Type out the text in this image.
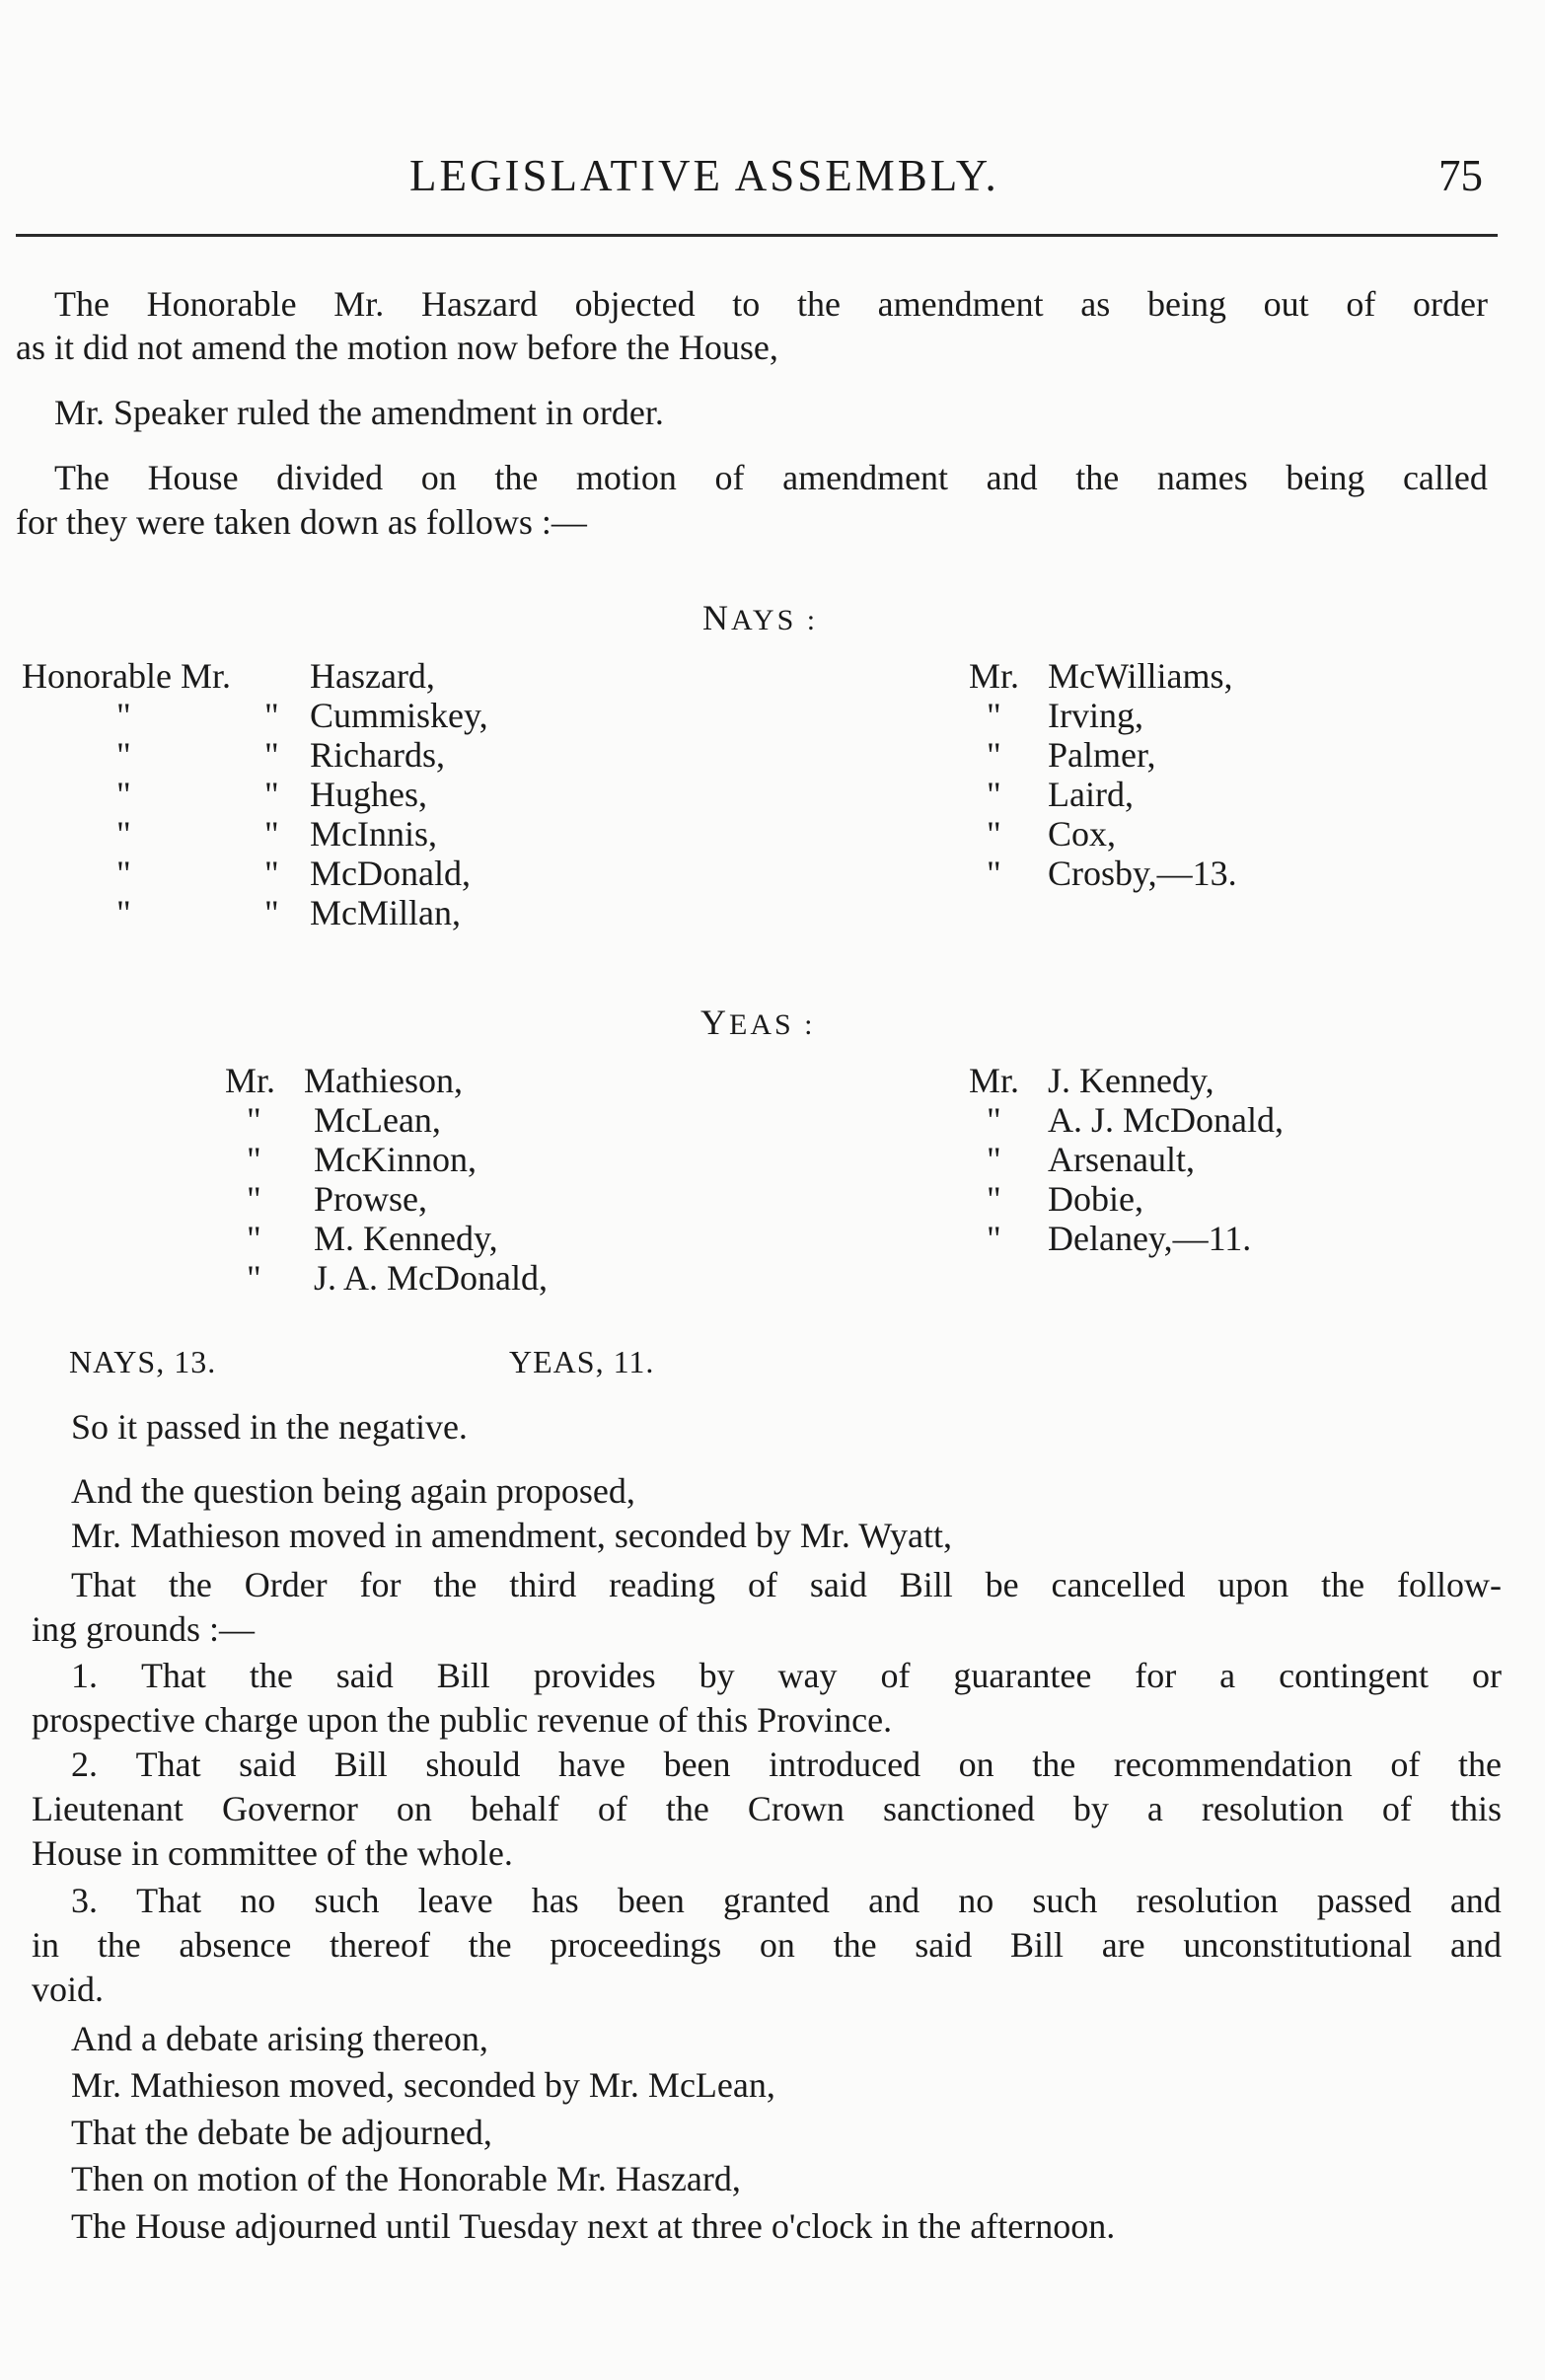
LEGISLATIVE ASSEMBLY.	75
The Honorable Mr. Haszard objected to the amendment as being out of order
as it did not amend the motion now before the House,
Mr. Speaker ruled the amendment in order.
The House divided on the motion of amendment and the names being called
for they were taken down as follows :—
NAYS :
Honorable Mr. Haszard,
"	" Cummiskey,
"	" Richards,
"	" Hughes,
"	" McInnis,
"	" McDonald,
"	" McMillan,
Mr. McWilliams,
" Irving,
" Palmer,
" Laird,
" Cox,
" Crosby,—13.
YEAS :
Mr. Mathieson,
" McLean,
" McKinnon,
" Prowse,
" M. Kennedy,
" J. A. McDonald,
Mr. J. Kennedy,
" A. J. McDonald,
" Arsenault,
" Dobie,
" Delaney,—11.
NAYS, 13.	YEAS, 11.
So it passed in the negative.
And the question being again proposed,
Mr. Mathieson moved in amendment, seconded by Mr. Wyatt,
That the Order for the third reading of said Bill be cancelled upon the follow-
ing grounds :—
1. That the said Bill provides by way of guarantee for a contingent or
prospective charge upon the public revenue of this Province.
2. That said Bill should have been introduced on the recommendation of the
Lieutenant Governor on behalf of the Crown sanctioned by a resolution of this
House in committee of the whole.
3. That no such leave has been granted and no such resolution passed and
in the absence thereof the proceedings on the said Bill are unconstitutional and
void.
And a debate arising thereon,
Mr. Mathieson moved, seconded by Mr. McLean,
That the debate be adjourned,
Then on motion of the Honorable Mr. Haszard,
The House adjourned until Tuesday next at three o'clock in the afternoon.
